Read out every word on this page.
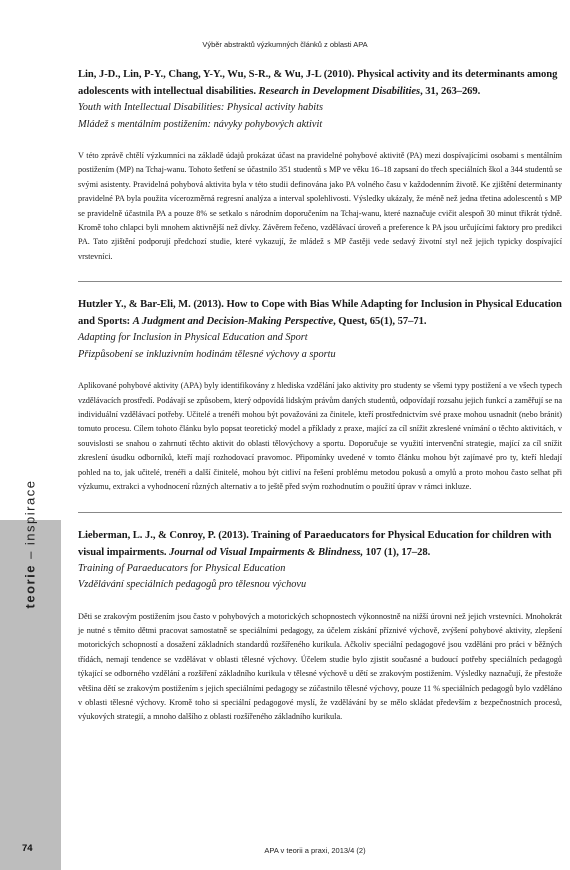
Výběr abstraktů výzkumných článků z oblasti APA

Lin, J-D., Lin, P-Y., Chang, Y-Y., Wu, S-R., & Wu, J-L (2010). Physical activity and its determinants among adolescents with intellectual disabilities. Research in Development Disabilities, 31, 263–269.

Youth with Intellectual Disabilities: Physical activity habits

Mládež s mentálním postižením: návyky pohybových aktivit

V této zprávě chtělí výzkumníci na základě údajů prokázat účast na pravidelné pohybové aktivitě (PA) mezi dospívajícími osobami s mentálním postižením (MP) na Tchaj-wanu. Tohoto šetření se účastnilo 351 studentů s MP ve věku 16–18 zapsaní do třech speciálních škol a 344 studentů se svými asistenty. Pravidelná pohybová aktivita byla v této studii definována jako PA volného času v každodenním životě. Ke zjištění determinanty pravidelné PA byla použita vícerozměrná regresní analýza a interval spolehlivosti. Výsledky ukázaly, že méně než jedna třetina adolescentů s MP se pravidelně účastnila PA a pouze 8% se setkalo s národním doporučením na Tchaj-wanu, které naznačuje cvičit alespoň 30 minut třikrát týdně. Kromě toho chlapci byli mnohem aktivnější než dívky. Závěrem řečeno, vzdělávací úroveň a preference k PA jsou určujícími faktory pro predikci PA. Tato zjištění podporují předchozí studie, které vykazují, že mládež s MP častěji vede sedavý životní styl než jejich typicky dospívající vrstevníci.

Hutzler Y., & Bar-Eli, M. (2013). How to Cope with Bias While Adapting for Inclusion in Physical Education and Sports: A Judgment and Decision-Making Perspective, Quest, 65(1), 57–71.

Adapting for Inclusion in Physical Education and Sport

Přizpůsobení se inkluzivním hodinám tělesné výchovy a sportu

Aplikované pohybové aktivity (APA) byly identifikovány z hlediska vzdělání jako aktivity pro studenty se všemi typy postižení a ve všech typech vzdělávacích prostředí. Podávají se způsobem, který odpovídá lidským právům daných studentů, odpovídají rozsahu jejich funkcí a zaměřují se na individuální vzdělávací potřeby. Učitelé a trenéři mohou být považováni za činitele, kteří prostřednictvím své praxe mohou usnadnit (nebo bránit) tomuto procesu. Cílem tohoto článku bylo popsat teoretický model a příklady z praxe, mající za cíl snížit zkreslené vnímání o těchto aktivitách, v souvislosti se snahou o zahrnutí těchto aktivit do oblasti tělovýchovy a sportu. Doporučuje se využití intervenční strategie, mající za cíl snížit zkreslení úsudku odborníků, kteří mají rozhodovací pravomoc. Připomínky uvedené v tomto článku mohou být zajímavé pro ty, kteří hledají pohled na to, jak učitelé, trenéři a další činitelé, mohou být citliví na řešení problému metodou pokusů a omylů a proto mohou často selhat při výzkumu, extrakci a vyhodnocení různých alternativ a to ještě před svým rozhodnutím o použití úprav v rámci inkluze.

Lieberman, L. J., & Conroy, P. (2013). Training of Paraeducators for Physical Education for children with visual impairments. Journal od Visual Impairments & Blindness, 107 (1), 17–28.

Training of Paraeducators for Physical Education

Vzdělávání speciálních pedagogů pro tělesnou výchovu

Děti se zrakovým postižením jsou často v pohybových a motorických schopnostech výkonnostně na nižší úrovni než jejich vrstevníci. Mnohokrát je nutné s těmito dětmi pracovat samostatně se speciálními pedagogy, za účelem získání příznivé výchově, zvýšení pohybové aktivity, zlepšení motorických schopností a dosažení základních standardů rozšířeného kurikula. Ačkoliv speciální pedagogové jsou vzděláni pro práci v běžných třídách, nemají tendence se vzdělávat v oblasti tělesné výchovy. Účelem studie bylo zjistit současné a budoucí potřeby speciálních pedagogů týkající se odborného vzdělání a rozšíření základního kurikula v tělesné výchově u dětí se zrakovým postižením. Výsledky naznačují, že přestože většina dětí se zrakovým postižením s jejich speciálními pedagogy se zúčastnilo tělesné výchovy, pouze 11 % speciálních pedagogů bylo vzděláno v oblasti tělesné výchovy. Kromě toho si speciální pedagogové myslí, že vzdělávání by se mělo skládat především z bezpečnostních procesů, výukových strategií, a mnoho dalšího z oblasti rozšířeného základního kurikula.

teorie – inspirace
74	APA v teorii a praxi, 2013/4 (2)
